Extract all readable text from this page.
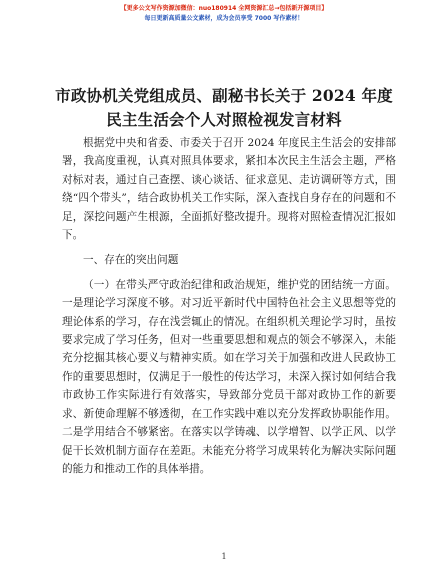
【更多公文写作资源加微信：nuo180914 全网资源汇总→包括新开源项目】
每日更新高质量公文素材，成为会员享受 7000 写作素材！
市政协机关党组成员、副秘书长关于 2024 年度
民主生活会个人对照检视发言材料

根据党中央和省委、市委关于召开 2024 年度民主生活会的安排部署，我高度重视，认真对照具体要求，紧扣本次民主生活会主题，严格对标对表，通过自己查摆、谈心谈话、征求意见、走访调研等方式，围绕“四个带头”，结合政协机关工作实际，深入查找自身存在的问题和不足，深挖问题产生根源，全面抓好整改提升。现将对照检查情况汇报如下。

一、存在的突出问题

（一）在带头严守政治纪律和政治规矩，维护党的团结统一方面。一是理论学习深度不够。对习近平新时代中国特色社会主义思想等党的理论体系的学习，存在浅尝辄止的情况。在组织机关理论学习时，虽按要求完成了学习任务，但对一些重要思想和观点的领会不够深入，未能充分挖掘其核心要义与精神实质。如在学习关于加强和改进人民政协工作的重要思想时，仅满足于一般性的传达学习，未深入探讨如何结合我市政协工作实际进行有效落实，导致部分党员干部对政协工作的新要求、新使命理解不够透彻，在工作实践中难以充分发挥政协职能作用。二是学用结合不够紧密。在落实以学铸魂、以学增智、以学正风、以学促干长效机制方面存在差距。未能充分将学习成果转化为解决实际问题的能力和推动工作的具体举措。

1
